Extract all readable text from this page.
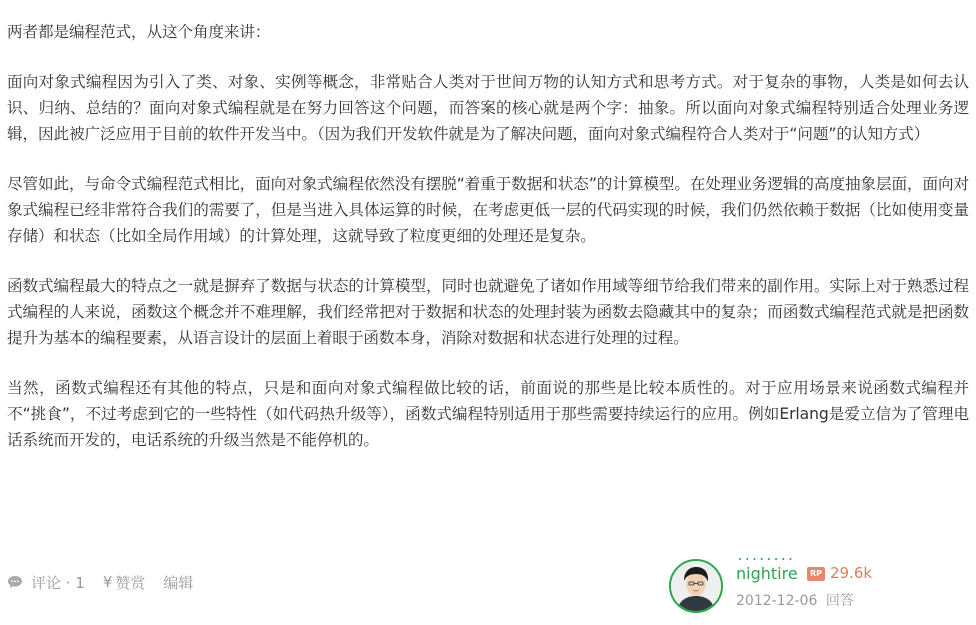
两者都是编程范式，从这个角度来讲：

面向对象式编程因为引入了类、对象、实例等概念，非常贴合人类对于世间万物的认知方式和思考方式。对于复杂的事物，人类是如何去认识、归纳、总结的？面向对象式编程就是在努力回答这个问题，而答案的核心就是两个字：抽象。所以面向对象式编程特别适合处理业务逻辑，因此被广泛应用于目前的软件开发当中。（因为我们开发软件就是为了解决问题，面向对象式编程符合人类对于“问题”的认知方式）

尽管如此，与命令式编程范式相比，面向对象式编程依然没有摆脱“着重于数据和状态”的计算模型。在处理业务逻辑的高度抽象层面，面向对象式编程已经非常符合我们的需要了，但是当进入具体运算的时候，在考虑更低一层的代码实现的时候，我们仍然依赖于数据（比如使用变量存储）和状态（比如全局作用域）的计算处理，这就导致了粒度更细的处理还是复杂。

函数式编程最大的特点之一就是摒弃了数据与状态的计算模型，同时也就避免了诸如作用域等细节给我们带来的副作用。实际上对于熟悉过程式编程的人来说，函数这个概念并不难理解，我们经常把对于数据和状态的处理封装为函数去隐藏其中的复杂；而函数式编程范式就是把函数提升为基本的编程要素，从语言设计的层面上着眼于函数本身，消除对数据和状态进行处理的过程。

当然，函数式编程还有其他的特点，只是和面向对象式编程做比较的话，前面说的那些是比较本质性的。对于应用场景来说函数式编程并不“挑食”，不过考虑到它的一些特性（如代码热升级等），函数式编程特别适用于那些需要持续运行的应用。例如Erlang是爱立信为了管理电话系统而开发的，电话系统的升级当然是不能停机的。

评论 · 1 ¥ 赞赏 编辑	nightire	RP 29.6k
2012-12-06 回答
